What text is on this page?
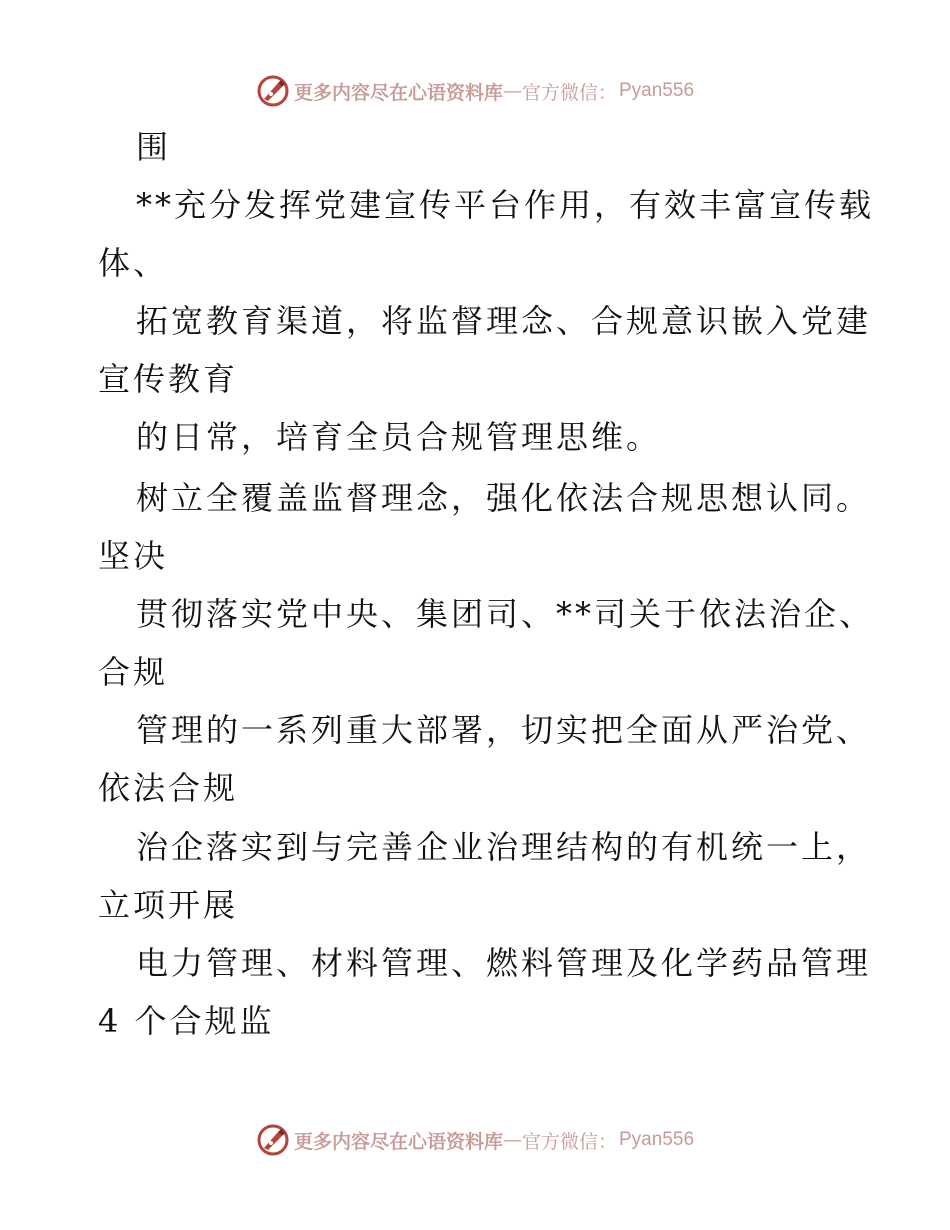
更多内容尽在心语资料库 — 官方微信： Pyan556
围
**充分发挥党建宣传平台作用，有效丰富宣传载
体、
拓宽教育渠道，将监督理念、合规意识嵌入党建
宣传教育
的日常，培育全员合规管理思维。
树立全覆盖监督理念，强化依法合规思想认同。
坚决
贯彻落实党中央、集团司、**司关于依法治企、
合规
管理的一系列重大部署，切实把全面从严治党、
依法合规
治企落实到与完善企业治理结构的有机统一上，
立项开展
电力管理、材料管理、燃料管理及化学药品管理
4 个合规监
更多内容尽在心语资料库 — 官方微信： Pyan556
